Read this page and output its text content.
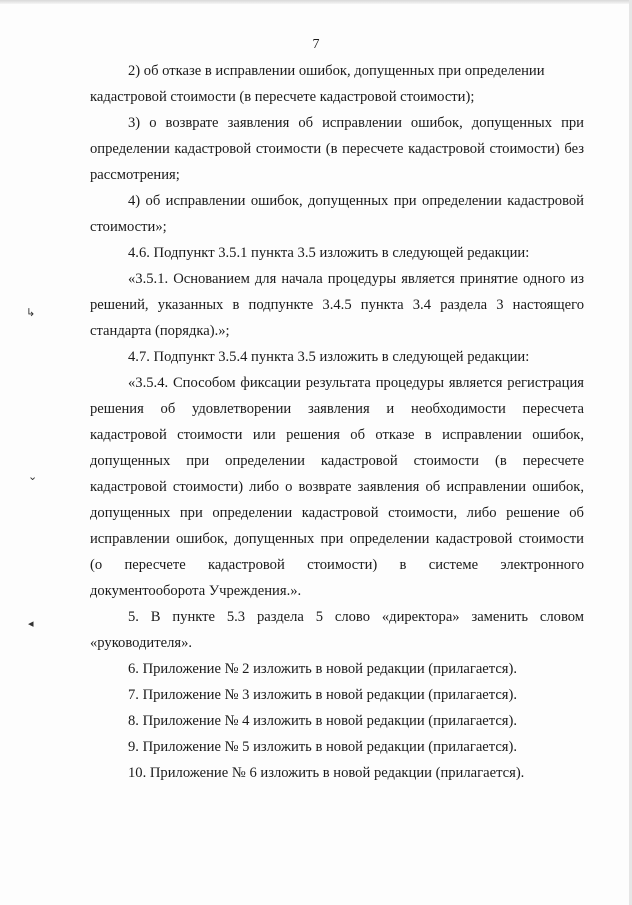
7
↳
⌄
◂
2) об отказе в исправлении ошибок, допущенных при определении
кадастровой стоимости (в пересчете кадастровой стоимости);
3) о возврате заявления об исправлении ошибок, допущенных при определении кадастровой стоимости (в пересчете кадастровой стоимости) без рассмотрения;
4) об исправлении ошибок, допущенных при определении кадастровой стоимости»;
4.6. Подпункт 3.5.1 пункта 3.5 изложить в следующей редакции:
«3.5.1. Основанием для начала процедуры является принятие одного из решений, указанных в подпункте 3.4.5 пункта 3.4 раздела 3 настоящего стандарта (порядка).»;
4.7. Подпункт 3.5.4 пункта 3.5 изложить в следующей редакции:
«3.5.4. Способом фиксации результата процедуры является регистрация решения об удовлетворении заявления и необходимости пересчета кадастровой стоимости или решения об отказе в исправлении ошибок, допущенных при определении кадастровой стоимости (в пересчете кадастровой стоимости) либо о возврате заявления об исправлении ошибок, допущенных при определении кадастровой стоимости, либо решение об исправлении ошибок, допущенных при определении кадастровой стоимости (о пересчете кадастровой стоимости) в системе электронного документооборота Учреждения.».
5. В пункте 5.3 раздела 5 слово «директора» заменить словом «руководителя».
6. Приложение № 2 изложить в новой редакции (прилагается).
7. Приложение № 3 изложить в новой редакции (прилагается).
8. Приложение № 4 изложить в новой редакции (прилагается).
9. Приложение № 5 изложить в новой редакции (прилагается).
10. Приложение № 6 изложить в новой редакции (прилагается).
